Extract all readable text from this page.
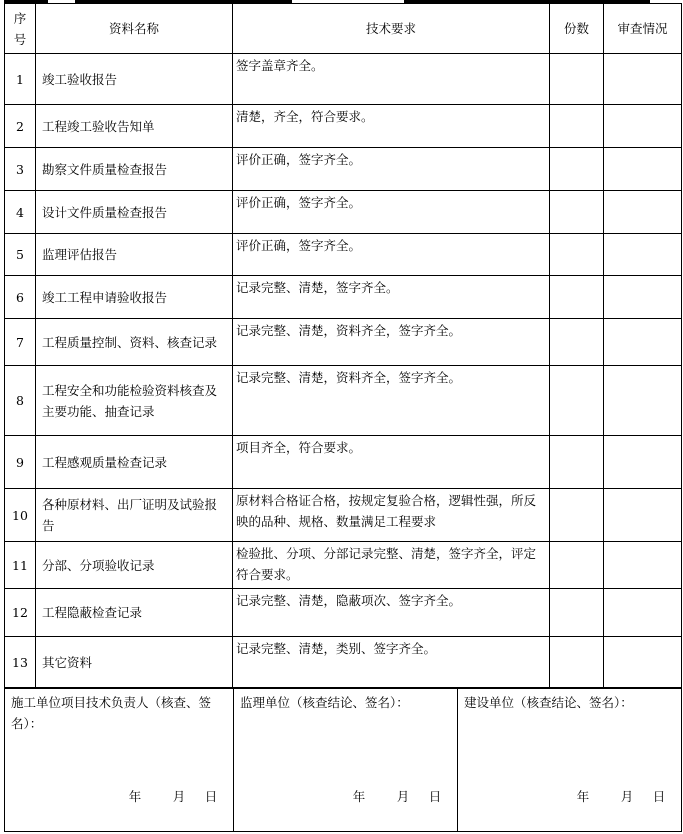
序
号	资料名称	技术要求	份数	审查情况
1	竣工验收报告	签字盖章齐全。		
2	工程竣工验收告知单	清楚，齐全，符合要求。		
3	勘察文件质量检查报告	评价正确，签字齐全。		
4	设计文件质量检查报告	评价正确，签字齐全。		
5	监理评估报告	评价正确，签字齐全。		
6	竣工工程申请验收报告	记录完整、清楚，签字齐全。		
7	工程质量控制、资料、核查记录	记录完整、清楚，资料齐全，签字齐全。		
8	工程安全和功能检验资料核查及主要功能、抽查记录	记录完整、清楚，资料齐全，签字齐全。		
9	工程感观质量检查记录	项目齐全，符合要求。		
10	各种原材料、出厂证明及试验报告	原材料合格证合格，按规定复验合格，逻辑性强，所反映的品种、规格、数量满足工程要求		
11	分部、分项验收记录	检验批、分项、分部记录完整、清楚，签字齐全，评定符合要求。		
12	工程隐蔽检查记录	记录完整、清楚，隐蔽项次、签字齐全。		
13	其它资料	记录完整、清楚，类别、签字齐全。		
施工单位项目技术负责人（核查、签名）：
年	月 日

监理单位（核查结论、签名）：
年	月 日

建设单位（核查结论、签名）：
年	月 日
